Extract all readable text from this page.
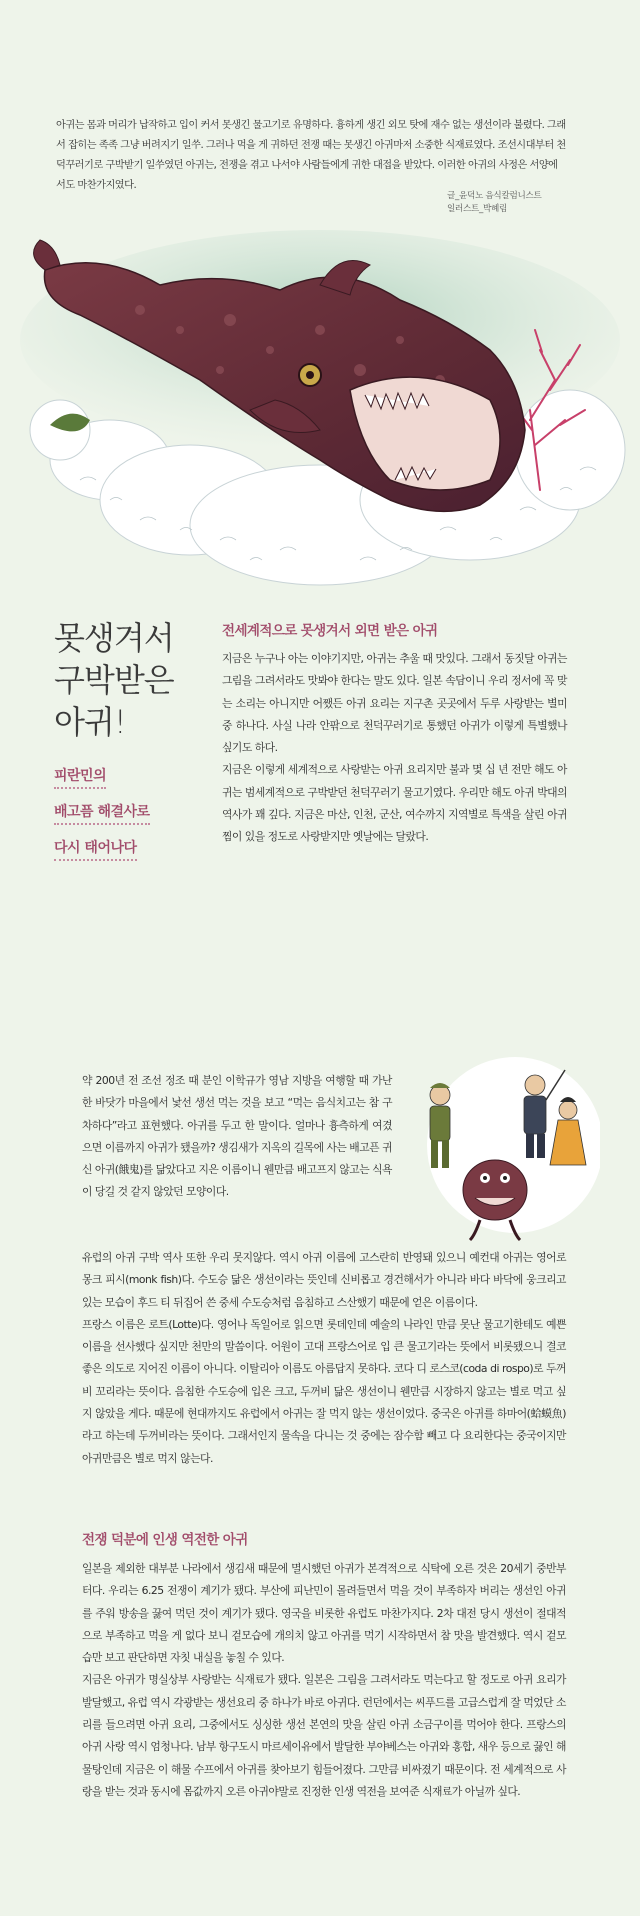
아귀는 몸과 머리가 납작하고 입이 커서 못생긴 물고기로 유명하다. 흉하게 생긴 외모 탓에 재수 없는 생선이라 불렸다. 그래서 잡히는 족족 그냥 버려지기 일쑤. 그러나 먹을 게 귀하던 전쟁 때는 못생긴 아귀마저 소중한 식재료였다. 조선시대부터 천덕꾸러기로 구박받기 일쑤였던 아귀는, 전쟁을 겪고 나서야 사람들에게 귀한 대접을 받았다. 이러한 아귀의 사정은 서양에서도 마찬가지였다.
글_윤덕노 음식칼럼니스트
일러스트_박혜림
못생겨서
구박받은
아귀!
피란민의 배고픔 해결사로 다시 태어나다
전세계적으로 못생겨서 외면 받은 아귀

지금은 누구나 아는 이야기지만, 아귀는 추울 때 맛있다. 그래서 동짓달 아귀는 그림을 그려서라도 맛봐야 한다는 말도 있다. 일본 속담이니 우리 정서에 꼭 맞는 소리는 아니지만 어쨌든 아귀 요리는 지구촌 곳곳에서 두루 사랑받는 별미 중 하나다. 사실 나라 안팎으로 천덕꾸러기로 통했던 아귀가 이렇게 특별했나 싶기도 하다.

지금은 이렇게 세계적으로 사랑받는 아귀 요리지만 불과 몇 십 년 전만 해도 아귀는 범세계적으로 구박받던 천덕꾸러기 물고기였다. 우리만 해도 아귀 박대의 역사가 꽤 깊다. 지금은 마산, 인천, 군산, 여수까지 지역별로 특색을 살린 아귀찜이 있을 정도로 사랑받지만 옛날에는 달랐다.

약 200년 전 조선 정조 때 분인 이학규가 영남 지방을 여행할 때 가난한 바닷가 마을에서 낯선 생선 먹는 것을 보고 “먹는 음식치고는 참 구차하다”라고 표현했다. 아귀를 두고 한 말이다. 얼마나 흉측하게 여겼으면 이름까지 아귀가 됐을까? 생김새가 지옥의 길목에 사는 배고픈 귀신 아귀(餓鬼)를 닮았다고 지은 이름이니 웬만큼 배고프지 않고는 식욕이 당길 것 같지 않았던 모양이다.

유럽의 아귀 구박 역사 또한 우리 못지않다. 역시 아귀 이름에 고스란히 반영돼 있으니 예컨대 아귀는 영어로 몽크 피시(monk fish)다. 수도승 닮은 생선이라는 뜻인데 신비롭고 경건해서가 아니라 바다 바닥에 웅크리고 있는 모습이 후드 티 뒤집어 쓴 중세 수도승처럼 음침하고 스산했기 때문에 얻은 이름이다.

프랑스 이름은 로트(Lotte)다. 영어나 독일어로 읽으면 롯데인데 예술의 나라인 만큼 못난 물고기한테도 예쁜 이름을 선사했다 싶지만 천만의 말씀이다. 어원이 고대 프랑스어로 입 큰 물고기라는 뜻에서 비롯됐으니 결코 좋은 의도로 지어진 이름이 아니다. 이탈리아 이름도 아름답지 못하다. 코다 디 로스코(coda di rospo)로 두꺼비 꼬리라는 뜻이다. 음침한 수도승에 입은 크고, 두꺼비 닮은 생선이니 웬만큼 시장하지 않고는 별로 먹고 싶지 않았을 게다. 때문에 현대까지도 유럽에서 아귀는 잘 먹지 않는 생선이었다. 중국은 아귀를 하마어(蛤蟆魚)라고 하는데 두꺼비라는 뜻이다. 그래서인지 물속을 다니는 것 중에는 잠수함 빼고 다 요리한다는 중국이지만 아귀만큼은 별로 먹지 않는다.

전쟁 덕분에 인생 역전한 아귀

일본을 제외한 대부분 나라에서 생김새 때문에 멸시했던 아귀가 본격적으로 식탁에 오른 것은 20세기 중반부터다. 우리는 6.25 전쟁이 계기가 됐다. 부산에 피난민이 몰려들면서 먹을 것이 부족하자 버리는 생선인 아귀를 주워 방송을 끓여 먹던 것이 계기가 됐다. 영국을 비롯한 유럽도 마찬가지다. 2차 대전 당시 생선이 절대적으로 부족하고 먹을 게 없다 보니 겉모습에 개의치 않고 아귀를 먹기 시작하면서 참 맛을 발견했다. 역시 겉모습만 보고 판단하면 자칫 내실을 놓칠 수 있다.

지금은 아귀가 명실상부 사랑받는 식재료가 됐다. 일본은 그림을 그려서라도 먹는다고 할 정도로 아귀 요리가 발달했고, 유럽 역시 각광받는 생선요리 중 하나가 바로 아귀다. 런던에서는 씨푸드를 고급스럽게 잘 먹었단 소리를 들으려면 아귀 요리, 그중에서도 싱싱한 생선 본연의 맛을 살린 아귀 소금구이를 먹어야 한다. 프랑스의 아귀 사랑 역시 엄청나다. 남부 항구도시 마르세이유에서 발달한 부야베스는 아귀와 홍합, 새우 등으로 끓인 해물탕인데 지금은 이 해물 수프에서 아귀를 찾아보기 힘들어졌다. 그만큼 비싸졌기 때문이다. 전 세계적으로 사랑을 받는 것과 동시에 몸값까지 오른 아귀야말로 진정한 인생 역전을 보여준 식재료가 아닐까 싶다.
